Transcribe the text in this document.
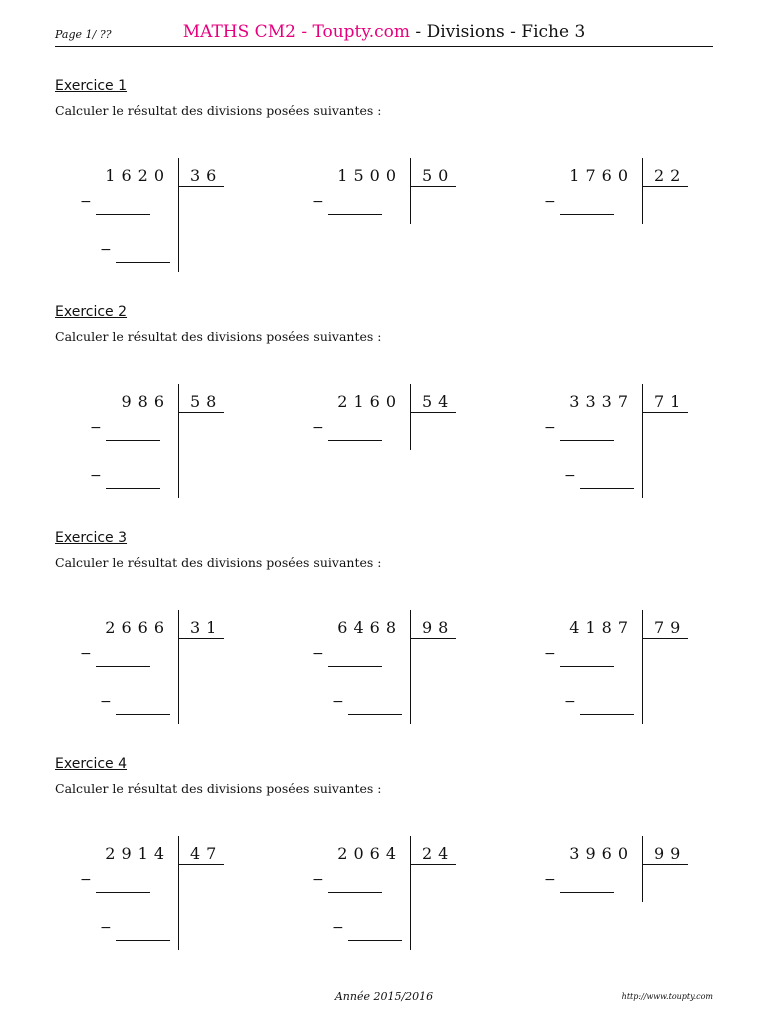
Page 1/ ??	MATHS CM2 - Toupty.com - Divisions - Fiche 3
Exercice 1
Calculer le résultat des divisions posées suivantes :
1620 36
−
−
1500 50
−
1760 22
−
Exercice 2
Calculer le résultat des divisions posées suivantes :
986 58
−
−
2160 54
−
3337 71
−
−
Exercice 3
Calculer le résultat des divisions posées suivantes :
2666 31
−
−
6468 98
−
−
4187 79
−
−
Exercice 4
Calculer le résultat des divisions posées suivantes :
2914 47
−
−
2064 24
−
−
3960 99
−
Année 2015/2016	http://www.toupty.com
